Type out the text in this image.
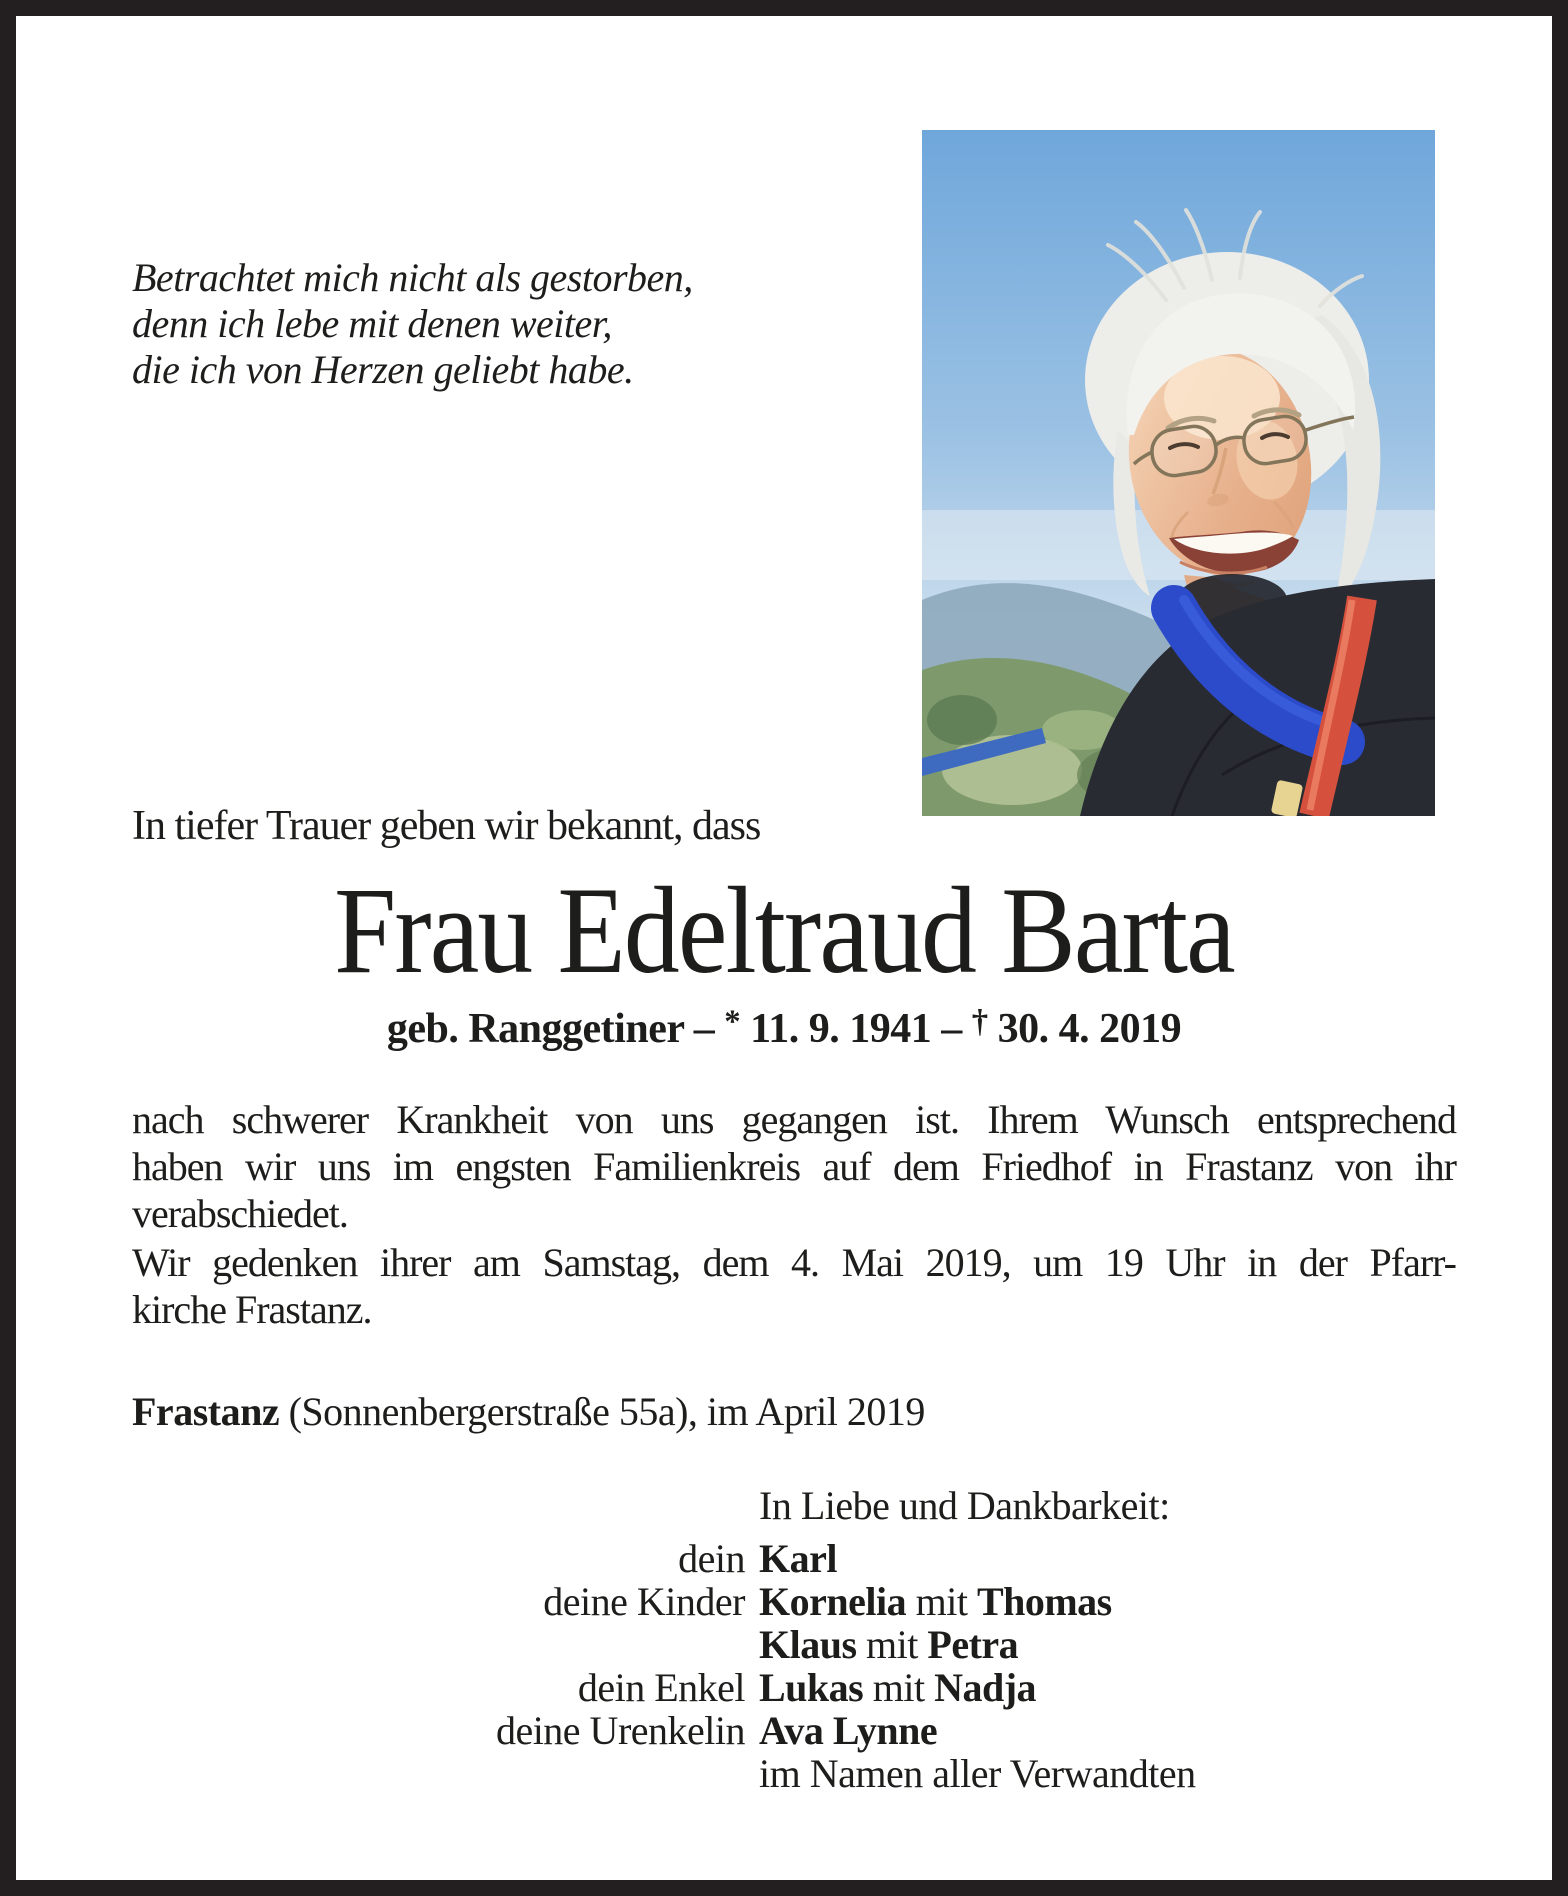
Betrachtet mich nicht als gestorben,
denn ich lebe mit denen weiter,
die ich von Herzen geliebt habe.
In tiefer Trauer geben wir bekannt, dass
Frau Edeltraud Barta
geb. Ranggetiner – * 11. 9. 1941 – † 30. 4. 2019
nach schwerer Krankheit von uns gegangen ist. Ihrem Wunsch entsprechend
haben wir uns im engsten Familienkreis auf dem Friedhof in Frastanz von ihr
verabschiedet.
Wir gedenken ihrer am Samstag, dem 4. Mai 2019, um 19 Uhr in der Pfarr-
kirche Frastanz.
Frastanz (Sonnenbergerstraße 55a), im April 2019
In Liebe und Dankbarkeit:
dein Karl
deine Kinder Kornelia mit Thomas
Klaus mit Petra
dein Enkel Lukas mit Nadja
deine Urenkelin Ava Lynne
im Namen aller Verwandten
